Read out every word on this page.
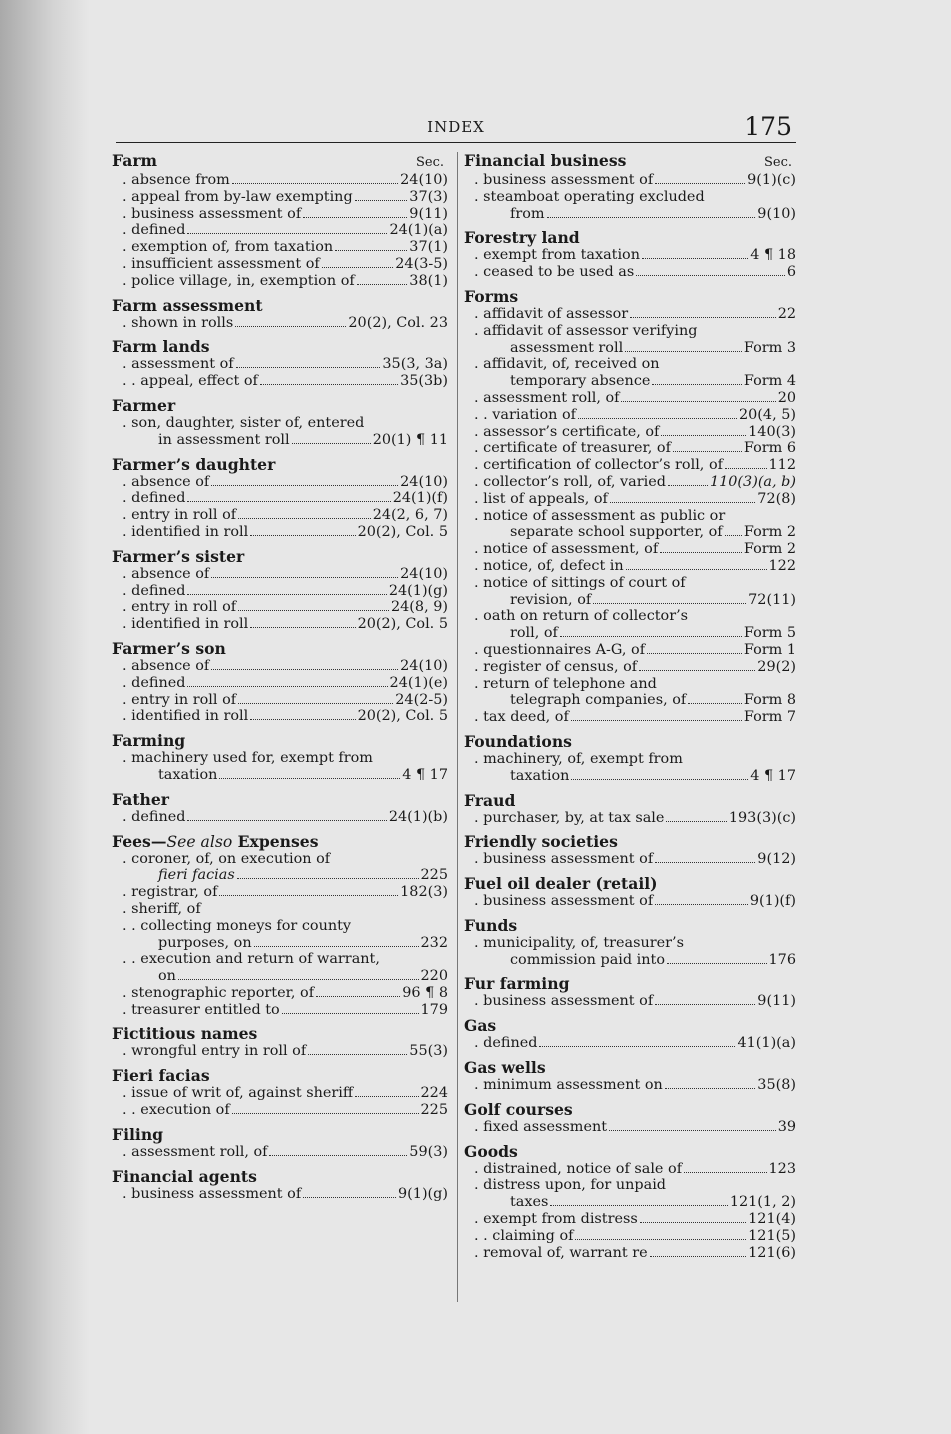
INDEX	175
Farm	Sec.
. absence from	24(10)
. appeal from by-law exempting	37(3)
. business assessment of	9(11)
. defined	24(1)(a)
. exemption of, from taxation	37(1)
. insufficient assessment of	24(3-5)
. police village, in, exemption of	38(1)
Farm assessment
. shown in rolls	20(2), Col. 23
Farm lands
. assessment of	35(3, 3a)
. . appeal, effect of	35(3b)
Farmer
. son, daughter, sister of, entered
in assessment roll	20(1) ¶ 11
Farmer’s daughter
. absence of	24(10)
. defined	24(1)(f)
. entry in roll of	24(2, 6, 7)
. identified in roll	20(2), Col. 5
Farmer’s sister
. absence of	24(10)
. defined	24(1)(g)
. entry in roll of	24(8, 9)
. identified in roll	20(2), Col. 5
Farmer’s son
. absence of	24(10)
. defined	24(1)(e)
. entry in roll of	24(2-5)
. identified in roll	20(2), Col. 5
Farming
. machinery used for, exempt from
taxation	4 ¶ 17
Father
. defined	24(1)(b)
Fees—See also Expenses
. coroner, of, on execution of
fieri facias	225
. registrar, of	182(3)
. sheriff, of
. . collecting moneys for county
purposes, on	232
. . execution and return of warrant,
on	220
. stenographic reporter, of	96 ¶ 8
. treasurer entitled to	179
Fictitious names
. wrongful entry in roll of	55(3)
Fieri facias
. issue of writ of, against sheriff	224
. . execution of	225
Filing
. assessment roll, of	59(3)
Financial agents
. business assessment of	9(1)(g)
Financial business	Sec.
. business assessment of	9(1)(c)
. steamboat operating excluded
from	9(10)
Forestry land
. exempt from taxation	4 ¶ 18
. ceased to be used as	6
Forms
. affidavit of assessor	22
. affidavit of assessor verifying
assessment roll	Form 3
. affidavit, of, received on
temporary absence	Form 4
. assessment roll, of	20
. . variation of	20(4, 5)
. assessor’s certificate, of	140(3)
. certificate of treasurer, of	Form 6
. certification of collector’s roll, of	112
. collector’s roll, of, varied	110(3)(a, b)
. list of appeals, of	72(8)
. notice of assessment as public or
separate school supporter, of Form 2
. notice of assessment, of	Form 2
. notice, of, defect in	122
. notice of sittings of court of
revision, of	72(11)
. oath on return of collector’s
roll, of	Form 5
. questionnaires A-G, of	Form 1
. register of census, of	29(2)
. return of telephone and
telegraph companies, of	Form 8
. tax deed, of	Form 7
Foundations
. machinery, of, exempt from
taxation	4 ¶ 17
Fraud
. purchaser, by, at tax sale	193(3)(c)
Friendly societies
. business assessment of	9(12)
Fuel oil dealer (retail)
. business assessment of	9(1)(f)
Funds
. municipality, of, treasurer’s
commission paid into	176
Fur farming
. business assessment of	9(11)
Gas
. defined	41(1)(a)
Gas wells
. minimum assessment on	35(8)
Golf courses
. fixed assessment	39
Goods
. distrained, notice of sale of	123
. distress upon, for unpaid
taxes	121(1, 2)
. exempt from distress	121(4)
. . claiming of	121(5)
. removal of, warrant re	121(6)
